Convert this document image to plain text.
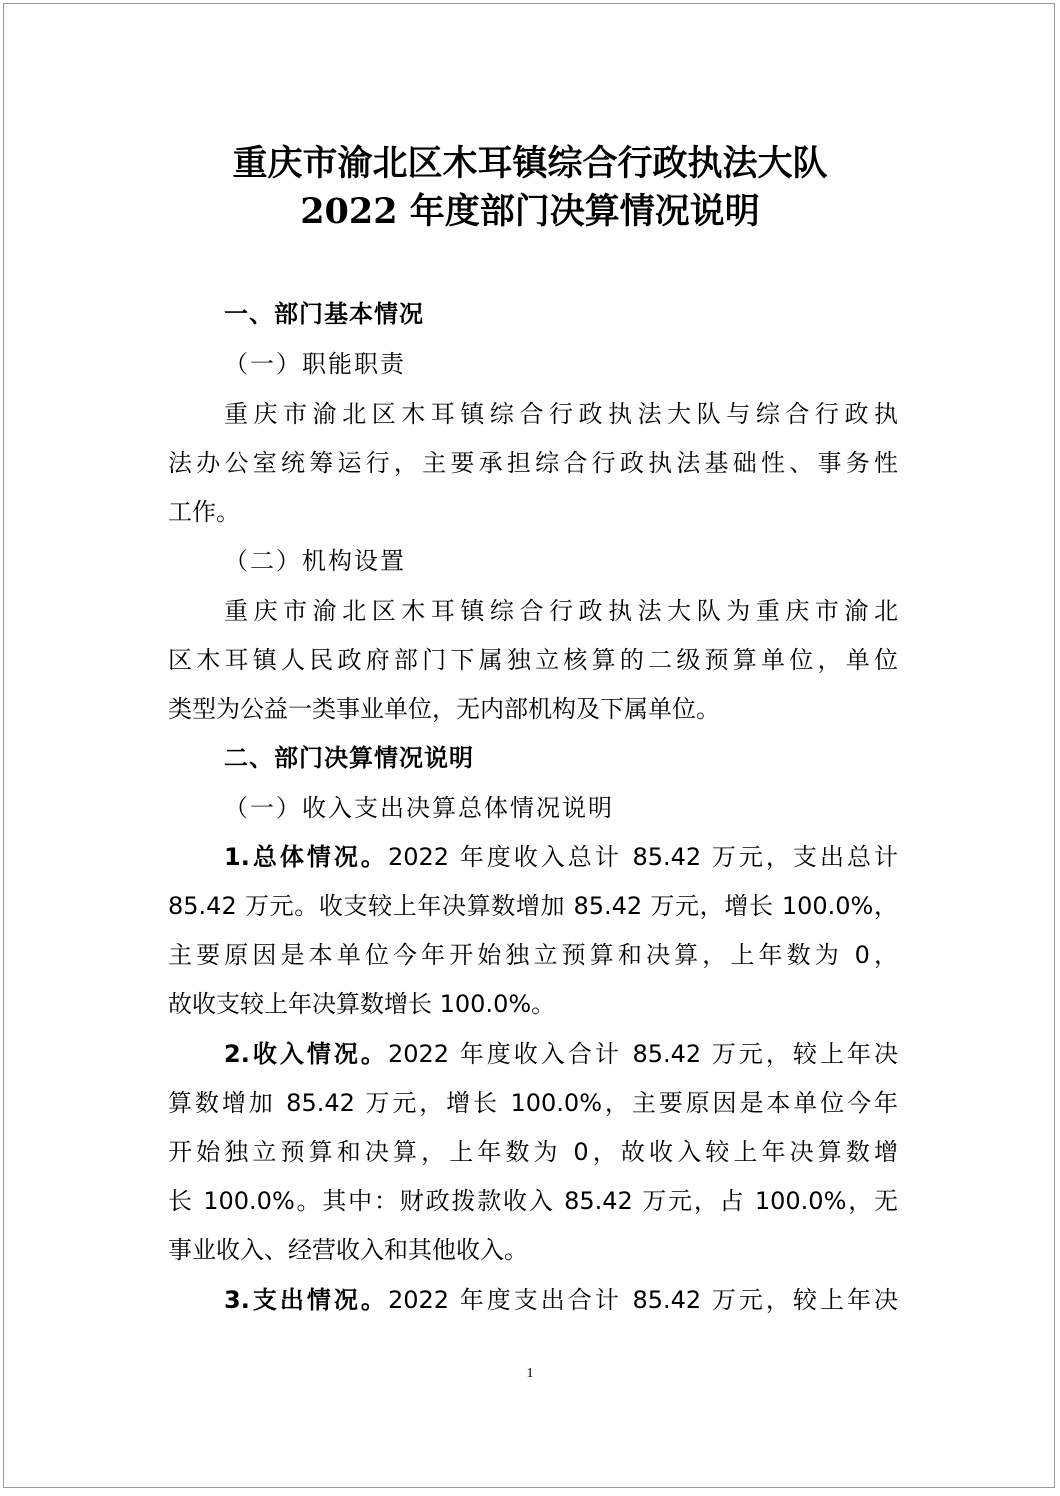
重庆市渝北区木耳镇综合行政执法大队
2022 年度部门决算情况说明
一、部门基本情况
（一）职能职责
重庆市渝北区木耳镇综合行政执法大队与综合行政执
法办公室统筹运行，主要承担综合行政执法基础性、事务性
工作。
（二）机构设置
重庆市渝北区木耳镇综合行政执法大队为重庆市渝北
区木耳镇人民政府部门下属独立核算的二级预算单位，单位
类型为公益一类事业单位，无内部机构及下属单位。
二、部门决算情况说明
（一）收入支出决算总体情况说明
1.总体情况。2022 年度收入总计 85.42 万元，支出总计
85.42 万元。收支较上年决算数增加 85.42 万元，增长 100.0%，
主要原因是本单位今年开始独立预算和决算，上年数为 0，
故收支较上年决算数增长 100.0%。
2.收入情况。2022 年度收入合计 85.42 万元，较上年决
算数增加 85.42 万元，增长 100.0%，主要原因是本单位今年
开始独立预算和决算，上年数为 0，故收入较上年决算数增
长 100.0%。其中：财政拨款收入 85.42 万元，占 100.0%，无
事业收入、经营收入和其他收入。
3.支出情况。2022 年度支出合计 85.42 万元，较上年决
1
